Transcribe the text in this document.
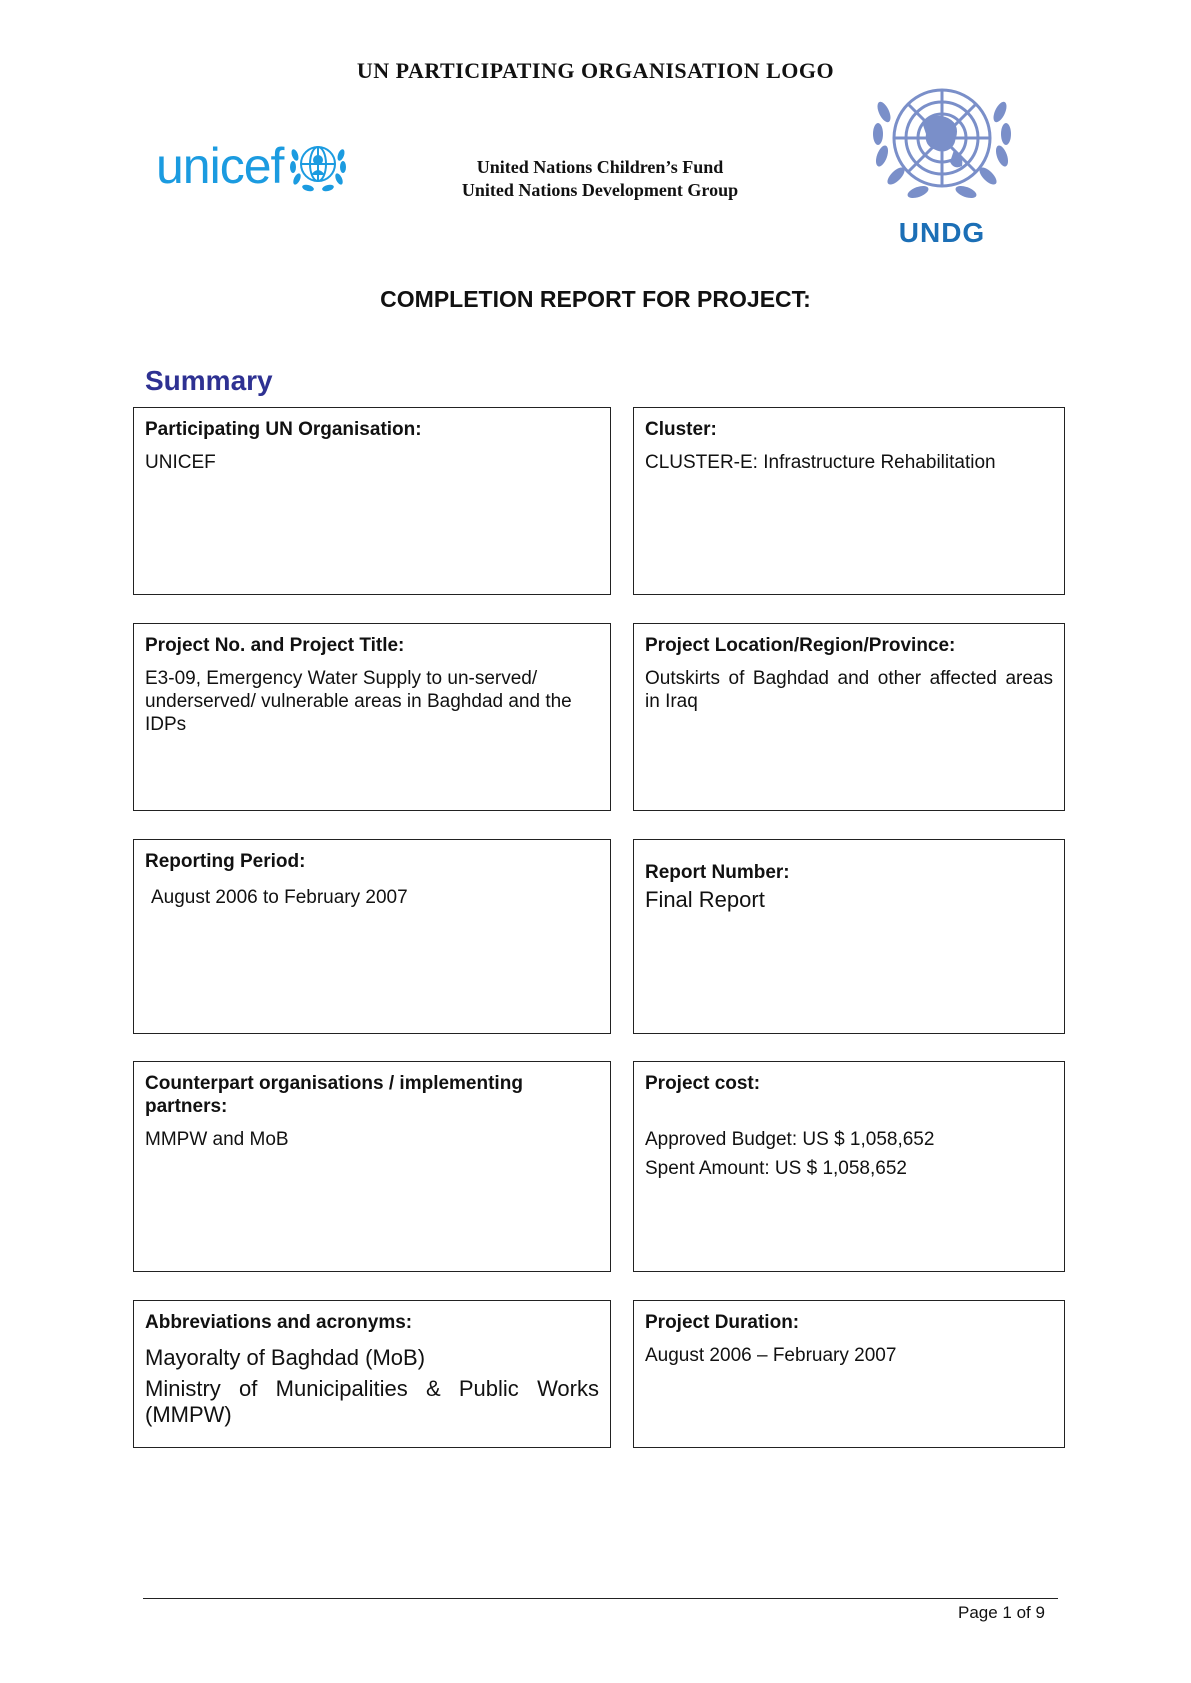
UN PARTICIPATING ORGANISATION LOGO
unicef	United Nations Children’s Fund
United Nations Development Group
UNDG
COMPLETION REPORT FOR PROJECT:
Summary
Participating UN Organisation:
UNICEF
Cluster:
CLUSTER-E: Infrastructure Rehabilitation
Project No. and Project Title:
E3-09, Emergency Water Supply to un-served/ underserved/ vulnerable areas in Baghdad and the IDPs
Project Location/Region/Province:
Outskirts of Baghdad and other affected areas in Iraq
Reporting Period:
August 2006 to February 2007
Report Number:
Final Report
Counterpart organisations / implementing partners:
MMPW and MoB
Project cost:
Approved Budget: US $ 1,058,652
Spent Amount: US $ 1,058,652
Abbreviations and acronyms:
Mayoralty of Baghdad (MoB)
Ministry of Municipalities & Public Works (MMPW)
Project Duration:
August 2006 – February 2007
Page 1 of 9
